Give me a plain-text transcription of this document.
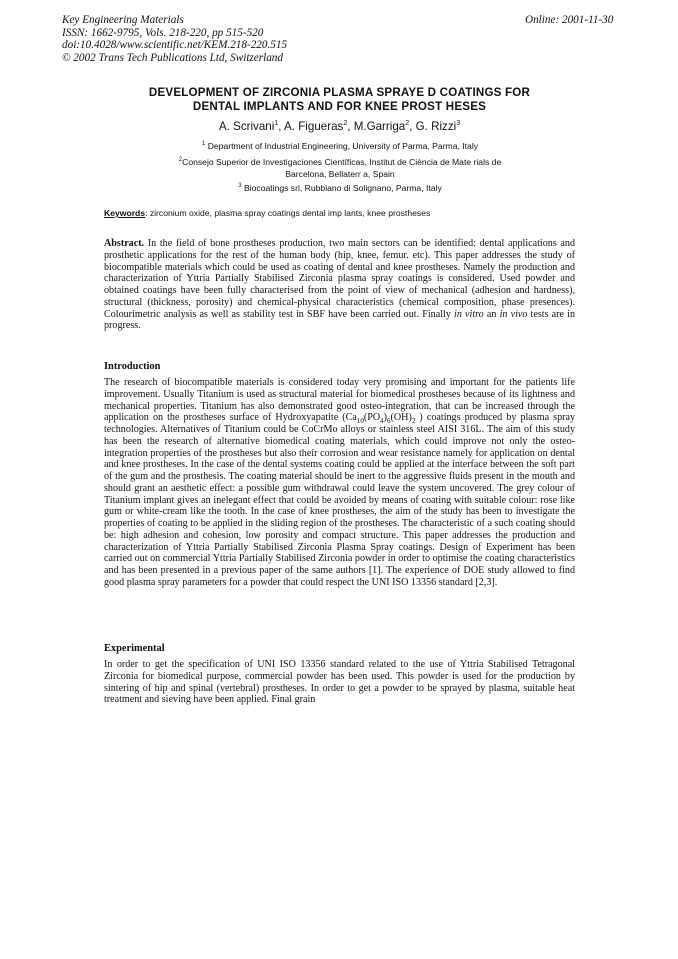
Key Engineering Materials
ISSN: 1662-9795, Vols. 218-220, pp 515-520
doi:10.4028/www.scientific.net/KEM.218-220.515
© 2002 Trans Tech Publications Ltd, Switzerland
Online: 2001-11-30
DEVELOPMENT OF ZIRCONIA PLASMA SPRAYE D COATINGS FOR
DENTAL IMPLANTS AND FOR KNEE PROST HESES
A. Scrivani$^1$, A. Figueras$^2$, M.Garriga$^2$, G. Rizzi$^3$
$^1$ Department of Industrial Engineering, University of Parma, Parma, Italy
$^2$Consejo Superior de Investigaciones Científicas, Institut de Ciència de Mate rials de
Barcelona, Bellaterr a, Spain
$^3$ Biocoatings srl, Rubbiano di Solignano, Parma, Italy
Keywords: zirconium oxide, plasma spray coatings dental imp lants, knee prostheses
Abstract. In the field of bone prostheses production, two main sectors can be identified: dental applications and prosthetic applications for the rest of the human body (hip, knee, femur. etc). This paper addresses the study of biocompatible materials which could be used as coating of dental and knee prostheses. Namely the production and characterization of Yttria Partially Stabilised Zirconia plasma spray coatings is considered. Used powder and obtained coatings have been fully characterised from the point of view of mechanical (adhesion and hardness), structural (thickness, porosity) and chemical-physical characteristics (chemical composition, phase presences). Colourimetric analysis as well as stability test in SBF have been carried out. Finally in vitro an in vivo tests are in progress.
Introduction
The research of biocompatible materials is considered today very promising and important for the patients life improvement. Usually Titanium is used as structural material for biomedical prostheses because of its lightness and mechanical properties. Titanium has also demonstrated good osteo-integration, that can be increased through the application on the prostheses surface of Hydroxyapatite ($Ca_{10}(PO_4)_6(OH)_2$ ) coatings produced by plasma spray technologies. Alternatives of Titanium could be CoCrMo alloys or stainless steel AISI 316L. The aim of this study has been the research of alternative biomedical coating materials, which could improve not only the osteo-integration properties of the prostheses but also their corrosion and wear resistance namely for application on dental and knee prostheses. In the case of the dental systems coating could be applied at the interface between the soft part of the gum and the prosthesis. The coating material should be inert to the aggressive fluids present in the mouth and should grant an aesthetic effect: a possible gum withdrawal could leave the system uncovered. The grey colour of Titanium implant gives an inelegant effect that could be avoided by means of coating with suitable colour: rose like gum or white-cream like the tooth. In the case of knee prostheses, the aim of the study has been to investigate the properties of coating to be applied in the sliding region of the prostheses. The characteristic of a such coating should be: high adhesion and cohesion, low porosity and compact structure. This paper addresses the production and characterization of Yttria Partially Stabilised Zirconia Plasma Spray coatings. Design of Experiment has been carried out on commercial Yttria Partially Stabilised Zirconia powder in order to optimise the coating characteristics and has been presented in a previous paper of the same authors [1]. The experience of DOE study allowed to find good plasma spray parameters for a powder that could respect the UNI ISO 13356 standard [2,3].
Experimental
In order to get the specification of UNI ISO 13356 standard related to the use of Yttria Stabilised Tetragonal Zirconia for biomedical purpose, commercial powder has been used. This powder is used for the production by sintering of hip and spinal (vertebral) prostheses. In order to get a powder to be sprayed by plasma, suitable heat treatment and sieving have been applied. Final grain
